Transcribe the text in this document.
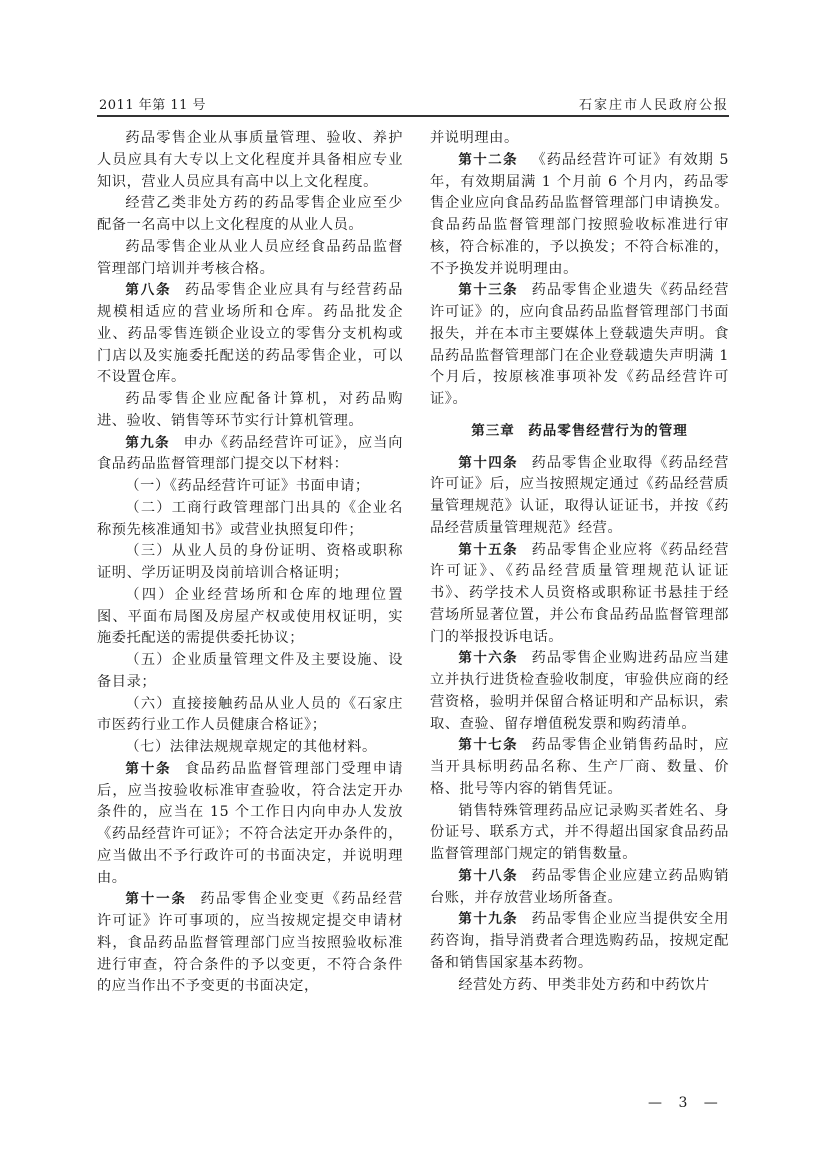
2011 年第 11 号	石家庄市人民政府公报

药品零售企业从事质量管理、验收、养护人员应具有大专以上文化程度并具备相应专业知识，营业人员应具有高中以上文化程度。

经营乙类非处方药的药品零售企业应至少配备一名高中以上文化程度的从业人员。

药品零售企业从业人员应经食品药品监督管理部门培训并考核合格。

第八条 药品零售企业应具有与经营药品规模相适应的营业场所和仓库。药品批发企业、药品零售连锁企业设立的零售分支机构或门店以及实施委托配送的药品零售企业，可以不设置仓库。

药品零售企业应配备计算机，对药品购进、验收、销售等环节实行计算机管理。

第九条 申办《药品经营许可证》，应当向食品药品监督管理部门提交以下材料：

（一）《药品经营许可证》书面申请；

（二）工商行政管理部门出具的《企业名称预先核准通知书》或营业执照复印件；

（三）从业人员的身份证明、资格或职称证明、学历证明及岗前培训合格证明；

（四）企业经营场所和仓库的地理位置图、平面布局图及房屋产权或使用权证明，实施委托配送的需提供委托协议；

（五）企业质量管理文件及主要设施、设备目录；

（六）直接接触药品从业人员的《石家庄市医药行业工作人员健康合格证》；

（七）法律法规规章规定的其他材料。

第十条 食品药品监督管理部门受理申请后，应当按验收标准审查验收，符合法定开办条件的，应当在 15 个工作日内向申办人发放《药品经营许可证》；不符合法定开办条件的，应当做出不予行政许可的书面决定，并说明理由。

第十一条 药品零售企业变更《药品经营许可证》许可事项的，应当按规定提交申请材料，食品药品监督管理部门应当按照验收标准进行审查，符合条件的予以变更，不符合条件的应当作出不予变更的书面决定，

并说明理由。

第十二条 《药品经营许可证》有效期 5 年，有效期届满 1 个月前 6 个月内，药品零售企业应向食品药品监督管理部门申请换发。食品药品监督管理部门按照验收标准进行审核，符合标准的，予以换发；不符合标准的，不予换发并说明理由。

第十三条 药品零售企业遗失《药品经营许可证》的，应向食品药品监督管理部门书面报失，并在本市主要媒体上登载遗失声明。食品药品监督管理部门在企业登载遗失声明满 1 个月后，按原核准事项补发《药品经营许可证》。

第三章 药品零售经营行为的管理

第十四条 药品零售企业取得《药品经营许可证》后，应当按照规定通过《药品经营质量管理规范》认证，取得认证证书，并按《药品经营质量管理规范》经营。

第十五条 药品零售企业应将《药品经营许可证》、《药品经营质量管理规范认证证书》、药学技术人员资格或职称证书悬挂于经营场所显著位置，并公布食品药品监督管理部门的举报投诉电话。

第十六条 药品零售企业购进药品应当建立并执行进货检查验收制度，审验供应商的经营资格，验明并保留合格证明和产品标识，索取、查验、留存增值税发票和购药清单。

第十七条 药品零售企业销售药品时，应当开具标明药品名称、生产厂商、数量、价格、批号等内容的销售凭证。

销售特殊管理药品应记录购买者姓名、身份证号、联系方式，并不得超出国家食品药品监督管理部门规定的销售数量。

第十八条 药品零售企业应建立药品购销台账，并存放营业场所备查。

第十九条 药品零售企业应当提供安全用药咨询，指导消费者合理选购药品，按规定配备和销售国家基本药物。

经营处方药、甲类非处方药和中药饮片

— 3 —
